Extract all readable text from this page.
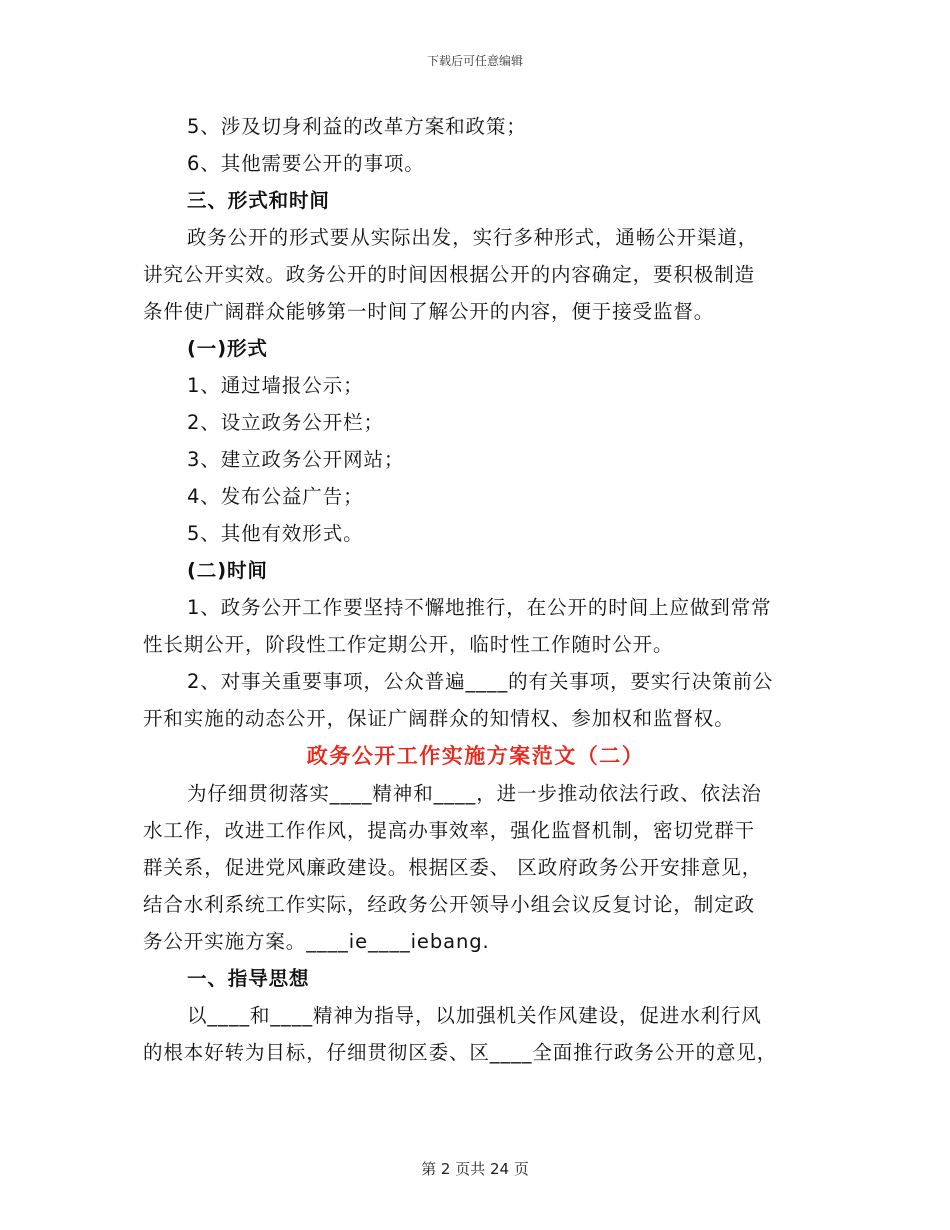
下载后可任意编辑
5、涉及切身利益的改革方案和政策；
6、其他需要公开的事项。
三、形式和时间
政务公开的形式要从实际出发，实行多种形式，通畅公开渠道，
讲究公开实效。政务公开的时间因根据公开的内容确定，要积极制造
条件使广阔群众能够第一时间了解公开的内容，便于接受监督。
(一)形式
1、通过墙报公示；
2、设立政务公开栏；
3、建立政务公开网站；
4、发布公益广告；
5、其他有效形式。
(二)时间
1、政务公开工作要坚持不懈地推行，在公开的时间上应做到常常
性长期公开，阶段性工作定期公开，临时性工作随时公开。
2、对事关重要事项，公众普遍____的有关事项，要实行决策前公
开和实施的动态公开，保证广阔群众的知情权、参加权和监督权。
政务公开工作实施方案范文（二）
为仔细贯彻落实____精神和____，进一步推动依法行政、依法治
水工作，改进工作作风，提高办事效率，强化监督机制，密切党群干
群关系，促进党风廉政建设。根据区委、 区政府政务公开安排意见，
结合水利系统工作实际，经政务公开领导小组会议反复讨论，制定政
务公开实施方案。____ie____iebang.
一、指导思想
以____和____精神为指导，以加强机关作风建设，促进水利行风
的根本好转为目标，仔细贯彻区委、区____全面推行政务公开的意见，
第 2 页共 24 页
